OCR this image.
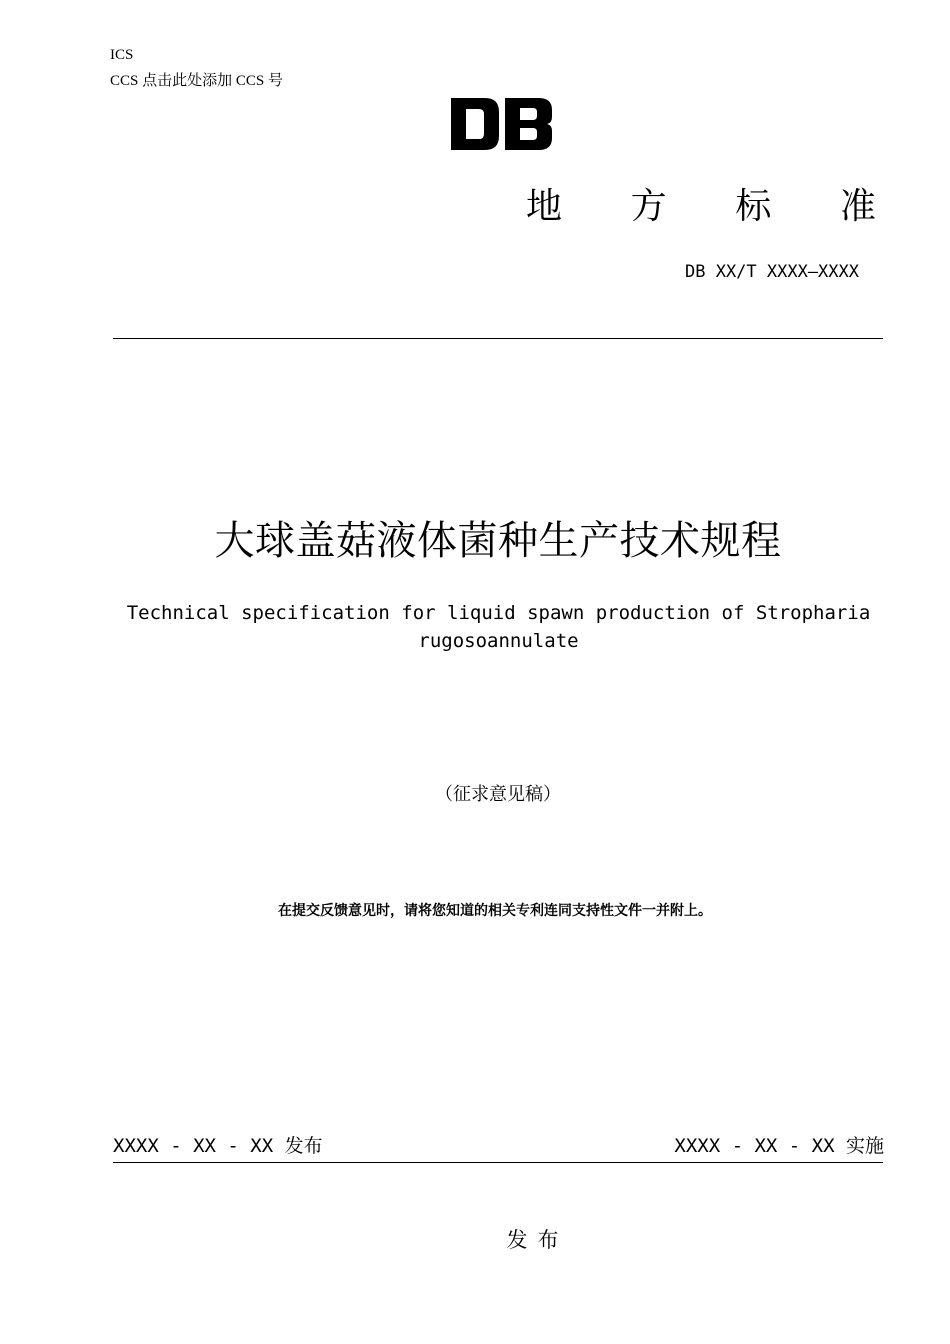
ICS
CCS 点击此处添加 CCS 号
地 方 标 准
DB XX/T XXXX—XXXX
大球盖菇液体菌种生产技术规程
Technical specification for liquid spawn production of Stropharia
rugosoannulate
（征求意见稿）
在提交反馈意见时，请将您知道的相关专利连同支持性文件一并附上。
XXXX - XX - XX 发布	XXXX - XX - XX 实施
发布
